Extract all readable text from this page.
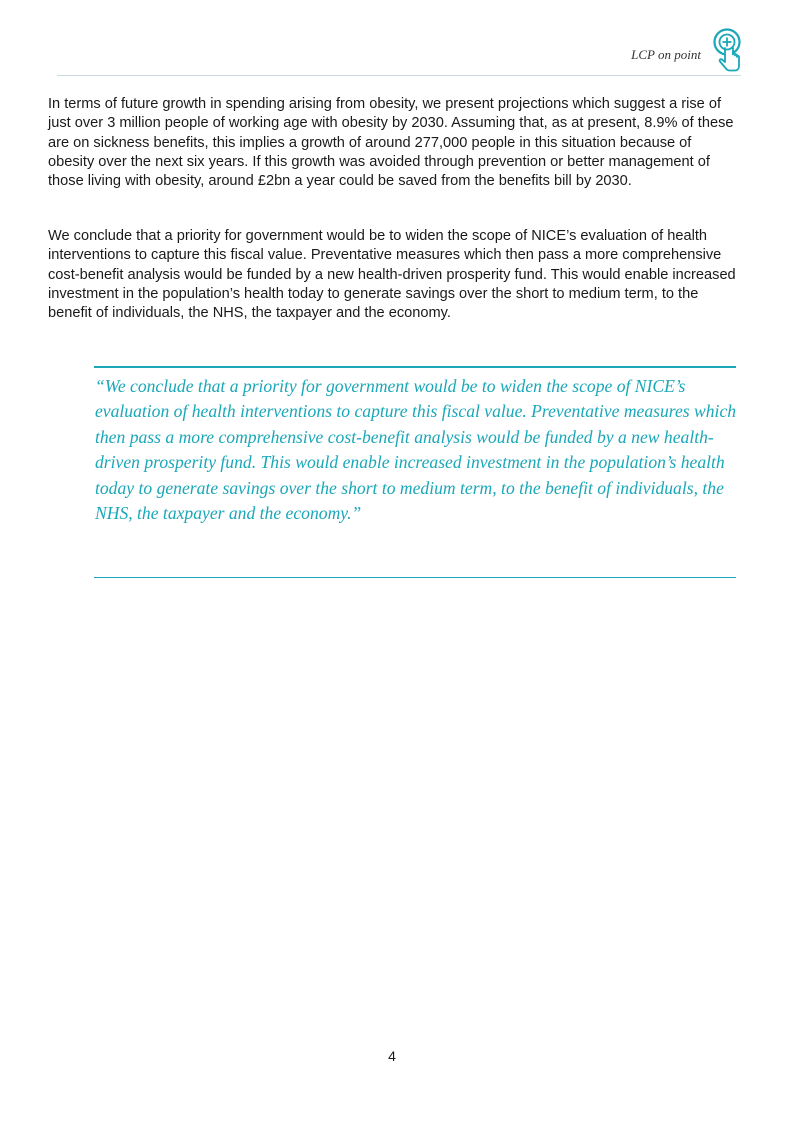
LCP on point

In terms of future growth in spending arising from obesity, we present projections which suggest a rise of just over 3 million people of working age with obesity by 2030. Assuming that, as at present, 8.9% of these are on sickness benefits, this implies a growth of around 277,000 people in this situation because of obesity over the next six years. If this growth was avoided through prevention or better management of those living with obesity, around £2bn a year could be saved from the benefits bill by 2030.

We conclude that a priority for government would be to widen the scope of NICE’s evaluation of health interventions to capture this fiscal value. Preventative measures which then pass a more comprehensive cost-benefit analysis would be funded by a new health-driven prosperity fund. This would enable increased investment in the population’s health today to generate savings over the short to medium term, to the benefit of individuals, the NHS, the taxpayer and the economy.

“We conclude that a priority for government would be to widen the scope of NICE’s evaluation of health interventions to capture this fiscal value. Preventative measures which then pass a more comprehensive cost-benefit analysis would be funded by a new health-driven prosperity fund. This would enable increased investment in the population’s health today to generate savings over the short to medium term, to the benefit of individuals, the NHS, the taxpayer and the economy.”

4
